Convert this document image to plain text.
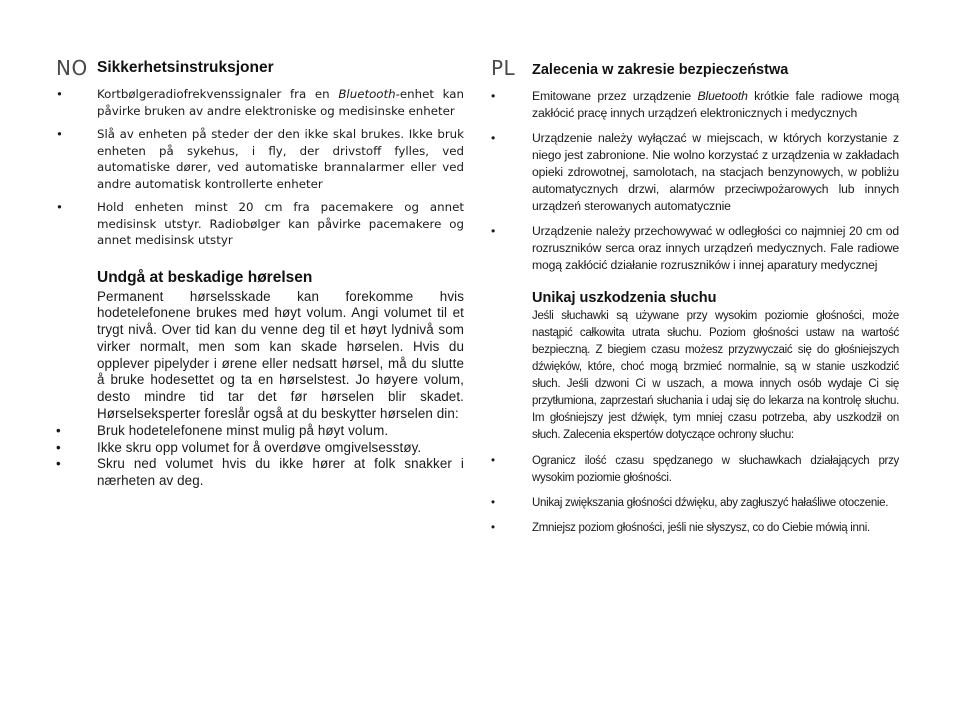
NO Sikkerhetsinstruksjoner
•	Kortbølgeradiofrekvenssignaler fra en Bluetooth-enhet kan påvirke bruken av andre elektroniske og medisinske enheter
•	Slå av enheten på steder der den ikke skal brukes. Ikke bruk enheten på sykehus, i fly, der drivstoff fylles, ved automatiske dører, ved automatiske brannalarmer eller ved andre automatisk kontrollerte enheter
•	Hold enheten minst 20 cm fra pacemakere og annet medisinsk utstyr. Radiobølger kan påvirke pacemakere og annet medisinsk utstyr
Undgå at beskadige hørelsen

Permanent hørselsskade kan forekomme hvis hodetelefonene brukes med høyt volum. Angi volumet til et trygt nivå. Over tid kan du venne deg til et høyt lydnivå som virker normalt, men som kan skade hørselen. Hvis du opplever pipelyder i ørene eller nedsatt hørsel, må du slutte å bruke hodesettet og ta en hørselstest. Jo høyere volum, desto mindre tid tar det før hørselen blir skadet. Hørselseksperter foreslår også at du beskytter hørselen din:

•	Bruk hodetelefonene minst mulig på høyt volum.
•	Ikke skru opp volumet for å overdøve omgivelsesstøy.
•	Skru ned volumet hvis du ikke hører at folk snakker i nærheten av deg.
PL Zalecenia w zakresie bezpieczeństwa
•	Emitowane przez urządzenie Bluetooth krótkie fale radiowe mogą zakłócić pracę innych urządzeń elektronicznych i medycznych
•	Urządzenie należy wyłączać w miejscach, w których korzystanie z niego jest zabronione. Nie wolno korzystać z urządzenia w zakładach opieki zdrowotnej, samolotach, na stacjach benzynowych, w pobliżu automatycznych drzwi, alarmów przeciwpożarowych lub innych urządzeń sterowanych automatycznie
•	Urządzenie należy przechowywać w odległości co najmniej 20 cm od rozruszników serca oraz innych urządzeń medycznych. Fale radiowe mogą zakłócić działanie rozruszników i innej aparatury medycznej
Unikaj uszkodzenia słuchu

Jeśli słuchawki są używane przy wysokim poziomie głośności, może nastąpić całkowita utrata słuchu. Poziom głośności ustaw na wartość bezpieczną. Z biegiem czasu możesz przyzwyczaić się do głośniejszych dźwięków, które, choć mogą brzmieć normalnie, są w stanie uszkodzić słuch. Jeśli dzwoni Ci w uszach, a mowa innych osób wydaje Ci się przytłumiona, zaprzestań słuchania i udaj się do lekarza na kontrolę słuchu. Im głośniejszy jest dźwięk, tym mniej czasu potrzeba, aby uszkodził on słuch. Zalecenia ekspertów dotyczące ochrony słuchu:

•	Ogranicz ilość czasu spędzanego w słuchawkach działających przy wysokim poziomie głośności.
•	Unikaj zwiększania głośności dźwięku, aby zagłuszyć hałaśliwe otoczenie.
•	Zmniejsz poziom głośności, jeśli nie słyszysz, co do Ciebie mówią inni.
